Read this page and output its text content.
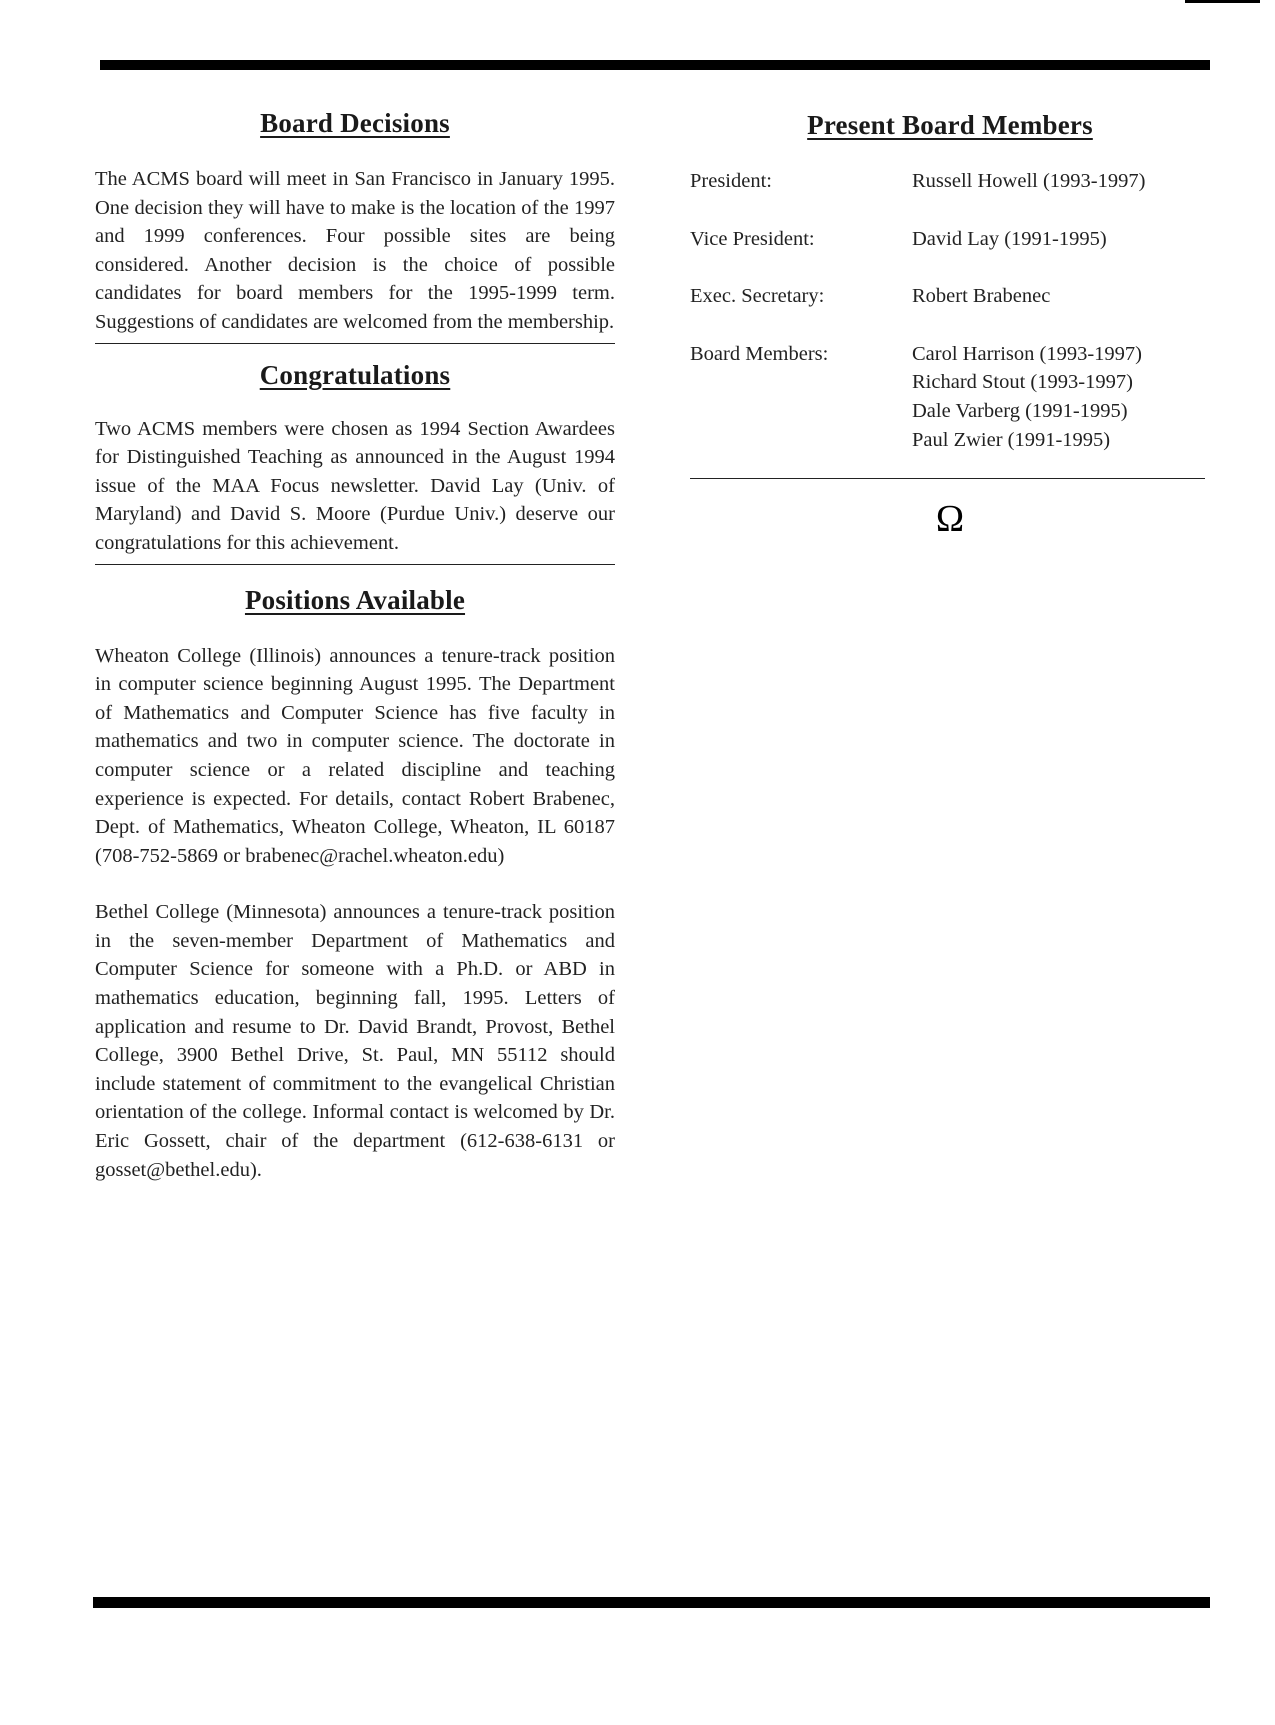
Board Decisions

The ACMS board will meet in San Francisco in January 1995. One decision they will have to make is the location of the 1997 and 1999 conferences. Four possible sites are being considered. Another decision is the choice of possible candidates for board members for the 1995-1999 term. Suggestions of candidates are welcomed from the membership.

Congratulations

Two ACMS members were chosen as 1994 Section Awardees for Distinguished Teaching as announced in the August 1994 issue of the MAA Focus newsletter. David Lay (Univ. of Maryland) and David S. Moore (Purdue Univ.) deserve our congratulations for this achievement.

Positions Available

Wheaton College (Illinois) announces a tenure-track position in computer science beginning August 1995. The Department of Mathematics and Computer Science has five faculty in mathematics and two in computer science. The doctorate in computer science or a related discipline and teaching experience is expected. For details, contact Robert Brabenec, Dept. of Mathematics, Wheaton College, Wheaton, IL 60187 (708-752-5869 or brabenec@rachel.wheaton.edu)

Bethel College (Minnesota) announces a tenure-track position in the seven-member Department of Mathematics and Computer Science for someone with a Ph.D. or ABD in mathematics education, beginning fall, 1995. Letters of application and resume to Dr. David Brandt, Provost, Bethel College, 3900 Bethel Drive, St. Paul, MN 55112 should include statement of commitment to the evangelical Christian orientation of the college. Informal contact is welcomed by Dr. Eric Gossett, chair of the department (612-638-6131 or gosset@bethel.edu).

Present Board Members
President:	Russell Howell (1993-1997)
Vice President:	David Lay (1991-1995)
Exec. Secretary:	Robert Brabenec
Board Members:	Carol Harrison (1993-1997)
Richard Stout (1993-1997)
Dale Varberg (1991-1995)
Paul Zwier (1991-1995)
Ω
